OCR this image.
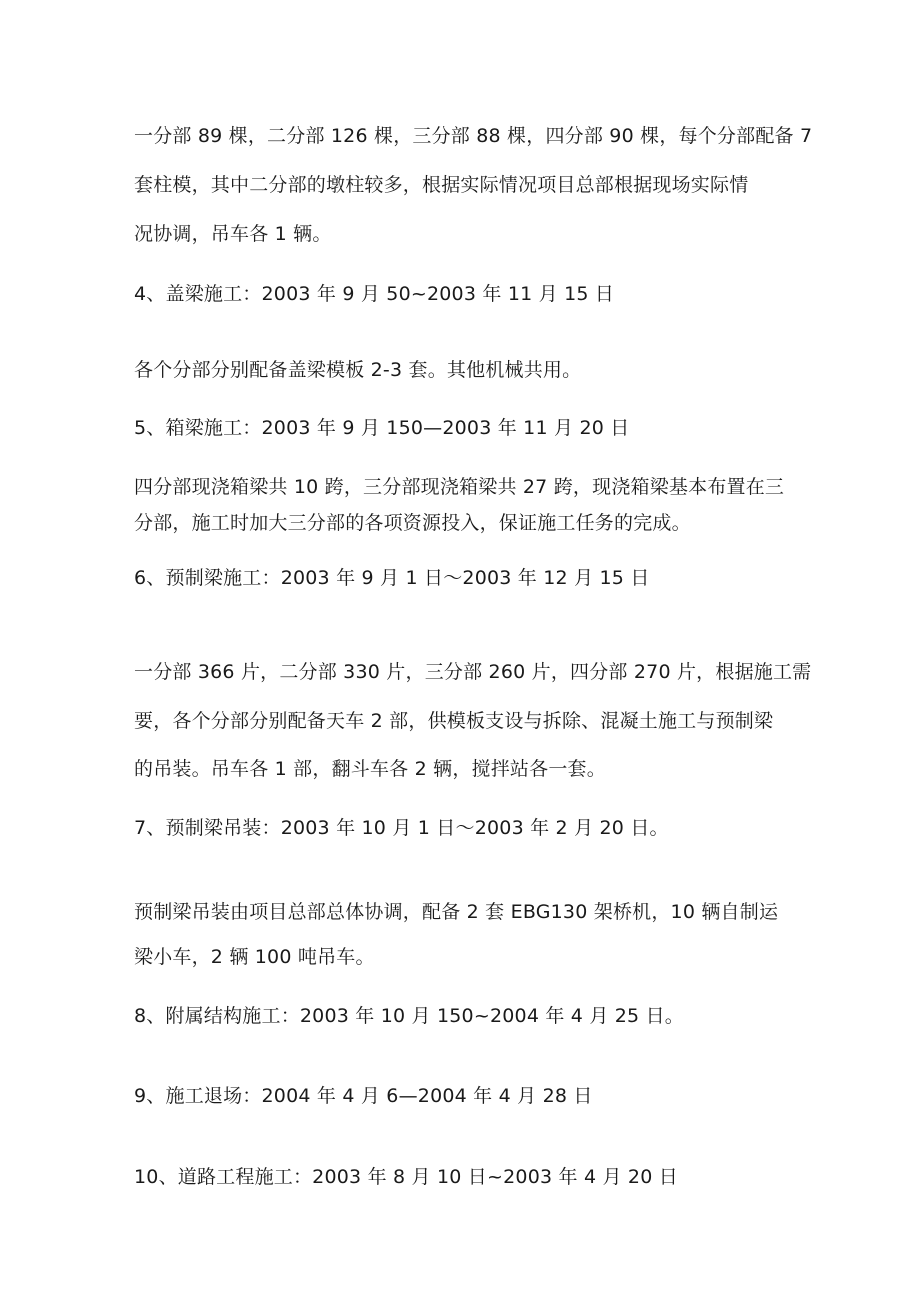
一分部 89 棵，二分部 126 棵，三分部 88 棵，四分部 90 棵，每个分部配备 7
套柱模，其中二分部的墩柱较多，根据实际情况项目总部根据现场实际情
况协调，吊车各 1 辆。
4、盖梁施工：2003 年 9 月 50~2003 年 11 月 15 日
各个分部分别配备盖梁模板 2-3 套。其他机械共用。
5、箱梁施工：2003 年 9 月 150—2003 年 11 月 20 日
四分部现浇箱梁共 10 跨，三分部现浇箱梁共 27 跨，现浇箱梁基本布置在三
分部，施工时加大三分部的各项资源投入，保证施工任务的完成。
6、预制梁施工：2003 年 9 月 1 日〜2003 年 12 月 15 日
一分部 366 片，二分部 330 片，三分部 260 片，四分部 270 片，根据施工需
要，各个分部分别配备天车 2 部，供模板支设与拆除、混凝土施工与预制梁
的吊装。吊车各 1 部，翻斗车各 2 辆，搅拌站各一套。
7、预制梁吊装：2003 年 10 月 1 日〜2003 年 2 月 20 日。
预制梁吊装由项目总部总体协调，配备 2 套 EBG130 架桥机，10 辆自制运
梁小车，2 辆 100 吨吊车。
8、附属结构施工：2003 年 10 月 150~2004 年 4 月 25 日。
9、施工退场：2004 年 4 月 6—2004 年 4 月 28 日
10、道路工程施工：2003 年 8 月 10 日~2003 年 4 月 20 日
